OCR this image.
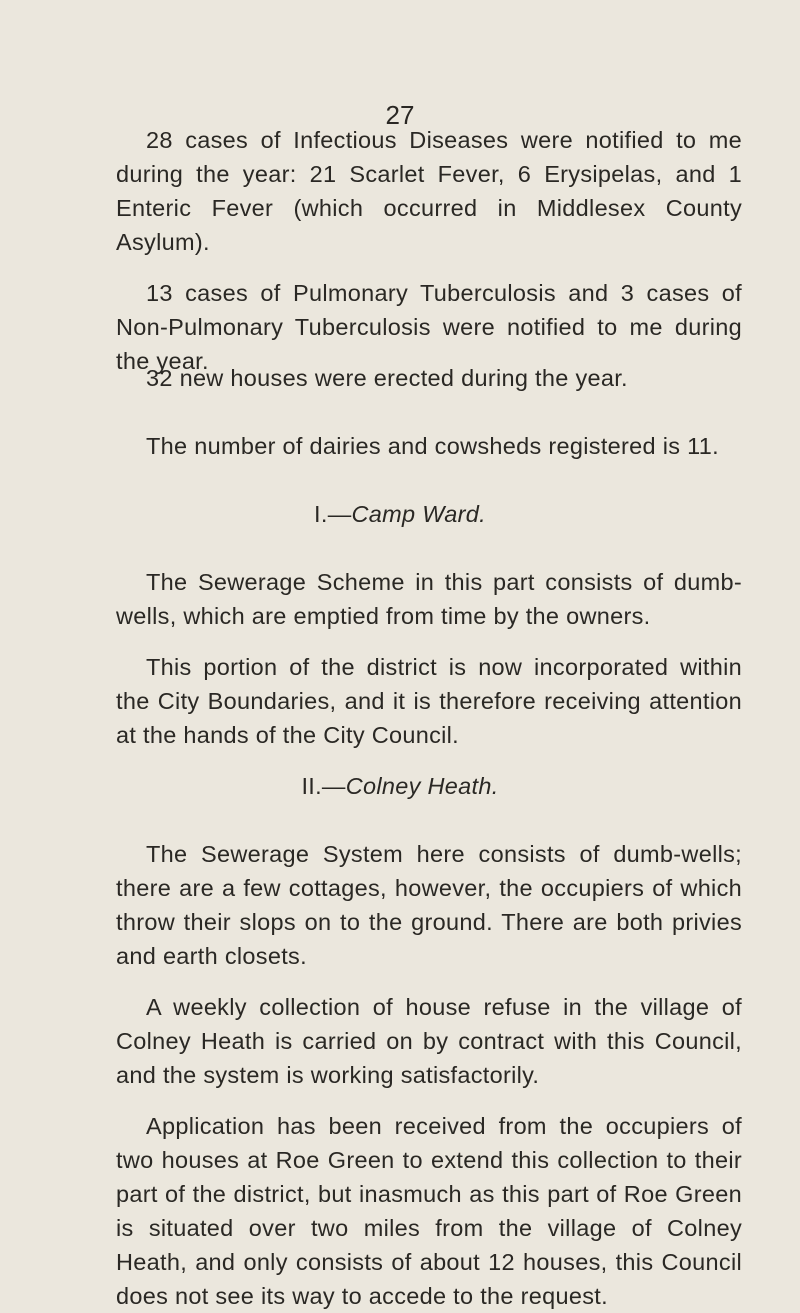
27

28 cases of Infectious Diseases were notified to me during the year: 21 Scarlet Fever, 6 Erysipelas, and 1 Enteric Fever (which occurred in Middlesex County Asylum).

13 cases of Pulmonary Tuberculosis and 3 cases of Non-Pulmonary Tuberculosis were notified to me during the year.

32 new houses were erected during the year.

The number of dairies and cowsheds registered is 11.

I.—Camp Ward.

The Sewerage Scheme in this part consists of dumb-wells, which are emptied from time by the owners.

This portion of the district is now incorporated within the City Boundaries, and it is therefore receiving attention at the hands of the City Council.

II.—Colney Heath.

The Sewerage System here consists of dumb-wells; there are a few cottages, however, the occupiers of which throw their slops on to the ground. There are both privies and earth closets.

A weekly collection of house refuse in the village of Colney Heath is carried on by contract with this Council, and the system is working satisfactorily.

Application has been received from the occupiers of two houses at Roe Green to extend this collection to their part of the district, but inasmuch as this part of Roe Green is situated over two miles from the village of Colney Heath, and only consists of about 12 houses, this Council does not see its way to accede to the request.
